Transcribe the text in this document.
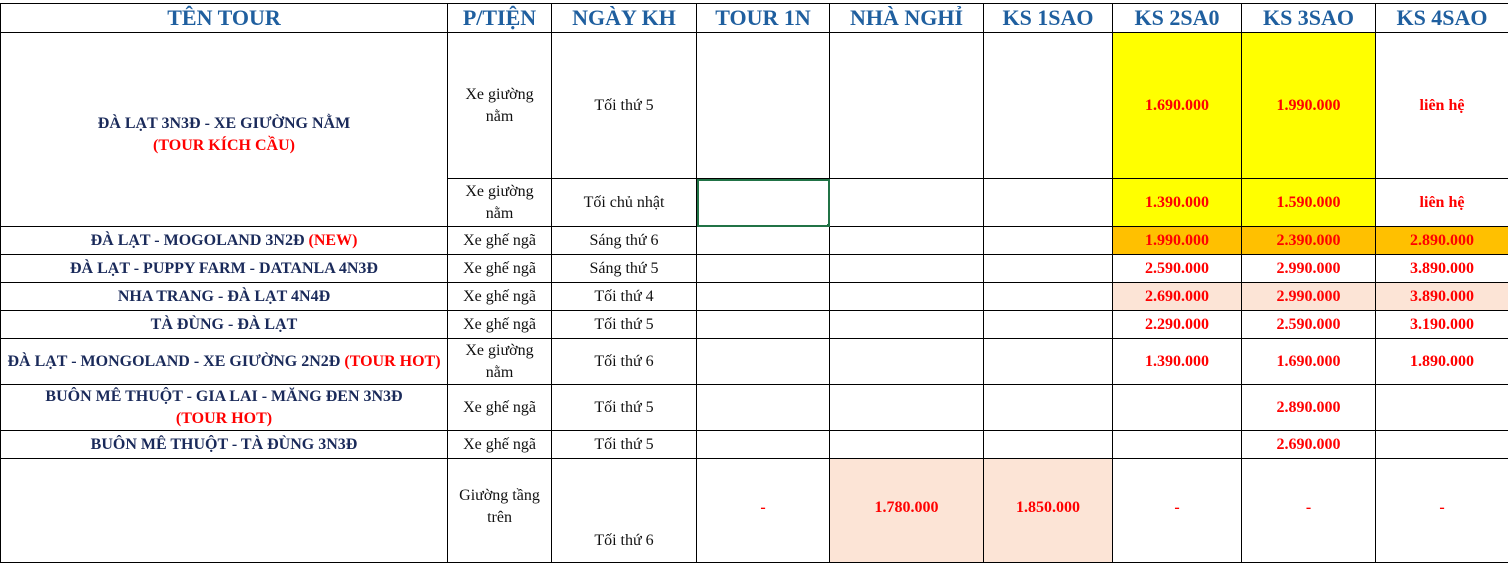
TÊN TOUR	P/TIỆN	NGÀY KH	TOUR 1N	NHÀ NGHỈ	KS 1SAO	KS 2SA0	KS 3SAO	KS 4SAO
ĐÀ LẠT 3N3Đ - XE GIƯỜNG NẰM
(TOUR KÍCH CẦU)	Xe giường nằm	Tối thứ 5				1.690.000	1.990.000	liên hệ
	Xe giường nằm	Tối chủ nhật				1.390.000	1.590.000	liên hệ
ĐÀ LẠT - MOGOLAND 3N2Đ (NEW)	Xe ghế ngã	Sáng thứ 6				1.990.000	2.390.000	2.890.000
ĐÀ LẠT - PUPPY FARM - DATANLA 4N3Đ	Xe ghế ngã	Sáng thứ 5				2.590.000	2.990.000	3.890.000
NHA TRANG - ĐÀ LẠT 4N4Đ	Xe ghế ngã	Tối thứ 4				2.690.000	2.990.000	3.890.000
TÀ ĐÙNG - ĐÀ LẠT	Xe ghế ngã	Tối thứ 5				2.290.000	2.590.000	3.190.000
ĐÀ LẠT - MONGOLAND - XE GIƯỜNG 2N2Đ (TOUR HOT)	Xe giường nằm	Tối thứ 6				1.390.000	1.690.000	1.890.000
BUÔN MÊ THUỘT - GIA LAI - MĂNG ĐEN 3N3Đ
(TOUR HOT)	Xe ghế ngã	Tối thứ 5					2.890.000	
BUÔN MÊ THUỘT - TÀ ĐÙNG 3N3Đ	Xe ghế ngã	Tối thứ 5					2.690.000	
	Giường tầng trên	Tối thứ 6	-	1.780.000	1.850.000	-	-	-
